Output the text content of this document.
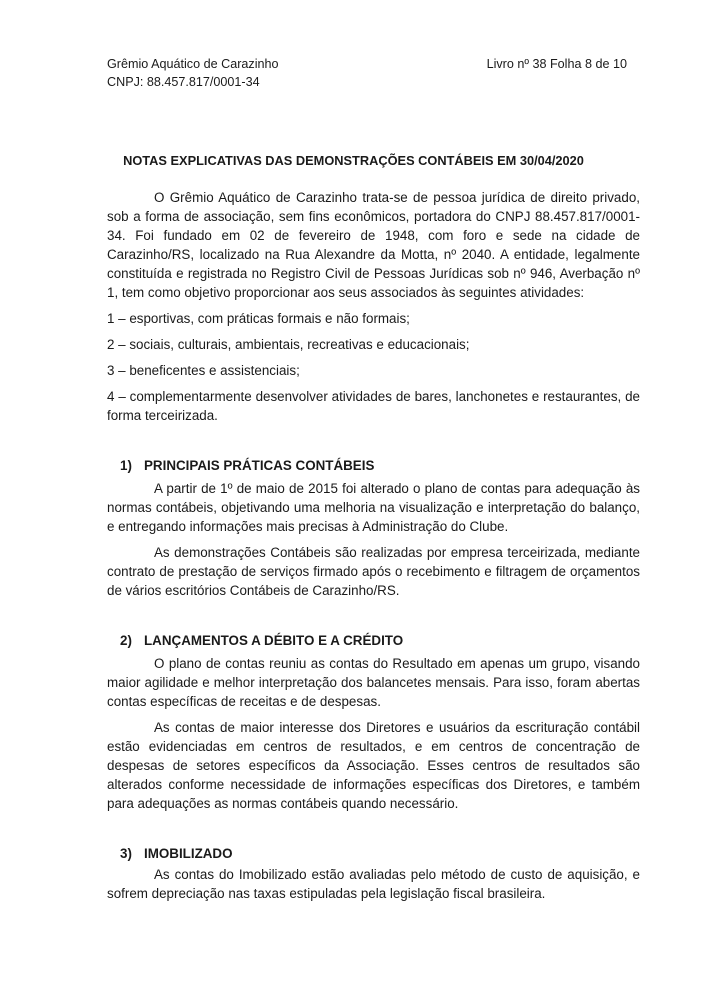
Grêmio Aquático de Carazinho
CNPJ: 88.457.817/0001-34
Livro nº 38 Folha 8 de 10
NOTAS EXPLICATIVAS DAS DEMONSTRAÇÕES CONTÁBEIS EM 30/04/2020

O Grêmio Aquático de Carazinho trata-se de pessoa jurídica de direito privado, sob a forma de associação, sem fins econômicos, portadora do CNPJ 88.457.817/0001-34. Foi fundado em 02 de fevereiro de 1948, com foro e sede na cidade de Carazinho/RS, localizado na Rua Alexandre da Motta, nº 2040. A entidade, legalmente constituída e registrada no Registro Civil de Pessoas Jurídicas sob nº 946, Averbação nº 1, tem como objetivo proporcionar aos seus associados às seguintes atividades:

1 – esportivas, com práticas formais e não formais;

2 – sociais, culturais, ambientais, recreativas e educacionais;

3 – beneficentes e assistenciais;

4 – complementarmente desenvolver atividades de bares, lanchonetes e restaurantes, de forma terceirizada.

1) PRINCIPAIS PRÁTICAS CONTÁBEIS

A partir de 1º de maio de 2015 foi alterado o plano de contas para adequação às normas contábeis, objetivando uma melhoria na visualização e interpretação do balanço, e entregando informações mais precisas à Administração do Clube.

As demonstrações Contábeis são realizadas por empresa terceirizada, mediante contrato de prestação de serviços firmado após o recebimento e filtragem de orçamentos de vários escritórios Contábeis de Carazinho/RS.

2) LANÇAMENTOS A DÉBITO E A CRÉDITO

O plano de contas reuniu as contas do Resultado em apenas um grupo, visando maior agilidade e melhor interpretação dos balancetes mensais. Para isso, foram abertas contas específicas de receitas e de despesas.

As contas de maior interesse dos Diretores e usuários da escrituração contábil estão evidenciadas em centros de resultados, e em centros de concentração de despesas de setores específicos da Associação. Esses centros de resultados são alterados conforme necessidade de informações específicas dos Diretores, e também para adequações as normas contábeis quando necessário.

3) IMOBILIZADO

As contas do Imobilizado estão avaliadas pelo método de custo de aquisição, e sofrem depreciação nas taxas estipuladas pela legislação fiscal brasileira.
